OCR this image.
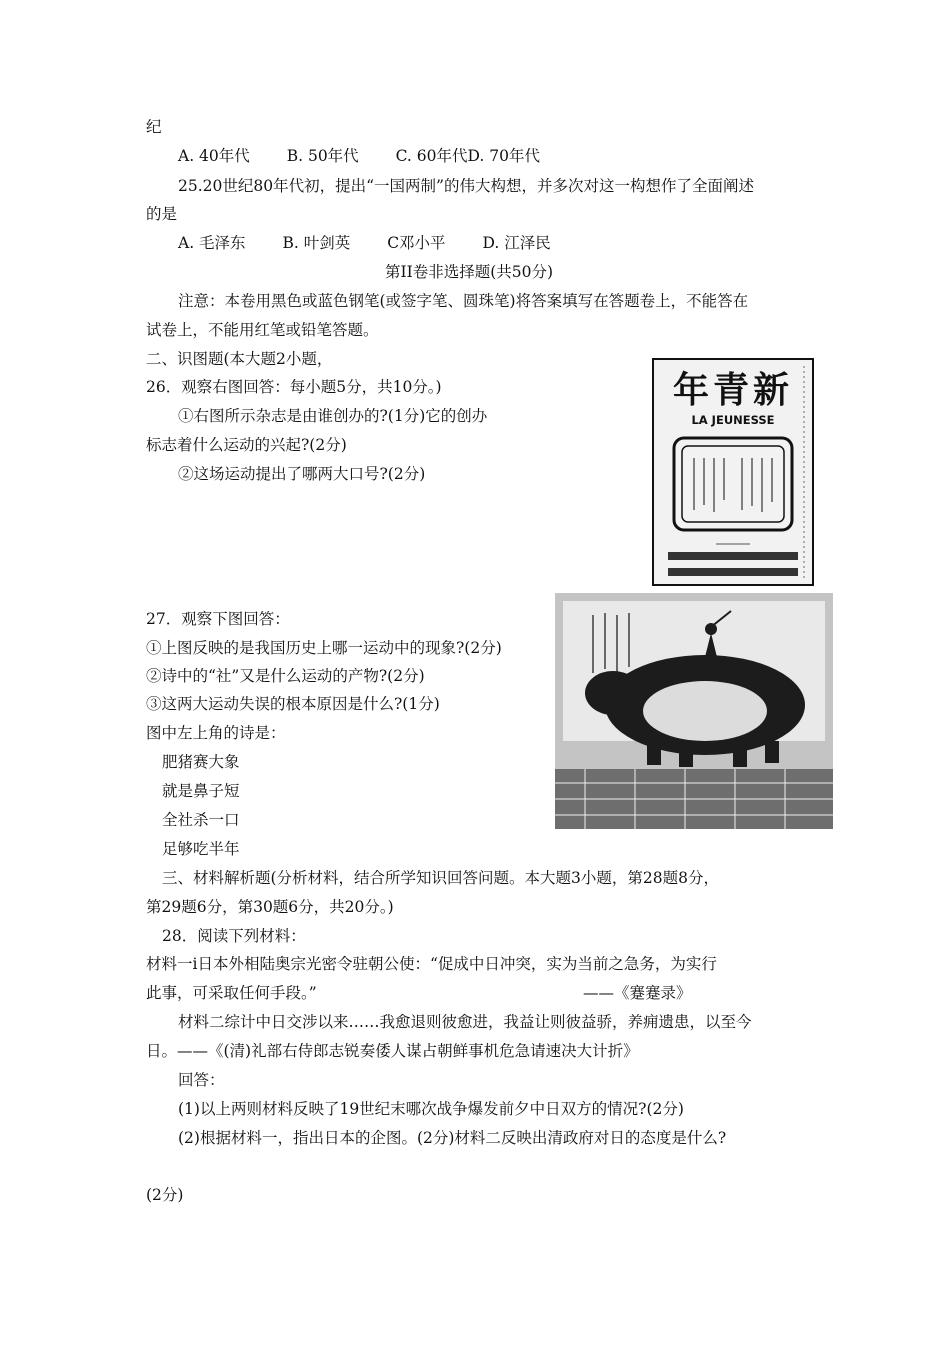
纪
A. 40年代 B. 50年代 C. 60年代D. 70年代
25.20世纪80年代初，提出“一国两制”的伟大构想，并多次对这一构想作了全面阐述
的是
A. 毛泽东 B. 叶剑英 C邓小平 D. 江泽民
第II卷非选择题(共50分)
注意：本卷用黑色或蓝色钢笔(或签字笔、圆珠笔)将答案填写在答题卷上，不能答在
试卷上，不能用红笔或铅笔答题。
二、识图题(本大题2小题，
26．观察右图回答：每小题5分，共10分。)
①右图所示杂志是由谁创办的?(1分)它的创办
标志着什么运动的兴起?(2分)
②这场运动提出了哪两大口号?(2分)
年青新
LA JEUNESSE
27．观察下图回答：
①上图反映的是我国历史上哪一运动中的现象?(2分)
②诗中的“社”又是什么运动的产物?(2分)
③这两大运动失误的根本原因是什么?(1分)
图中左上角的诗是：
肥猪赛大象
就是鼻子短
全社杀一口
足够吃半年
三、材料解析题(分析材料，结合所学知识回答问题。本大题3小题，第28题8分，
第29题6分，第30题6分，共20分。)
28．阅读下列材料：
材料一i日本外相陆奥宗光密令驻朝公使：“促成中日冲突，实为当前之急务，为实行
此事，可采取任何手段。”	——《蹇蹇录》
材料二综计中日交涉以来……我愈退则彼愈进，我益让则彼益骄，养痈遗患，以至今
日。——《(清)礼部右侍郎志锐奏倭人谋占朝鲜事机危急请速决大计折》
回答：
(1)以上两则材料反映了19世纪末哪次战争爆发前夕中日双方的情况?(2分)
(2)根据材料一，指出日本的企图。(2分)材料二反映出清政府对日的态度是什么?
(2分)
